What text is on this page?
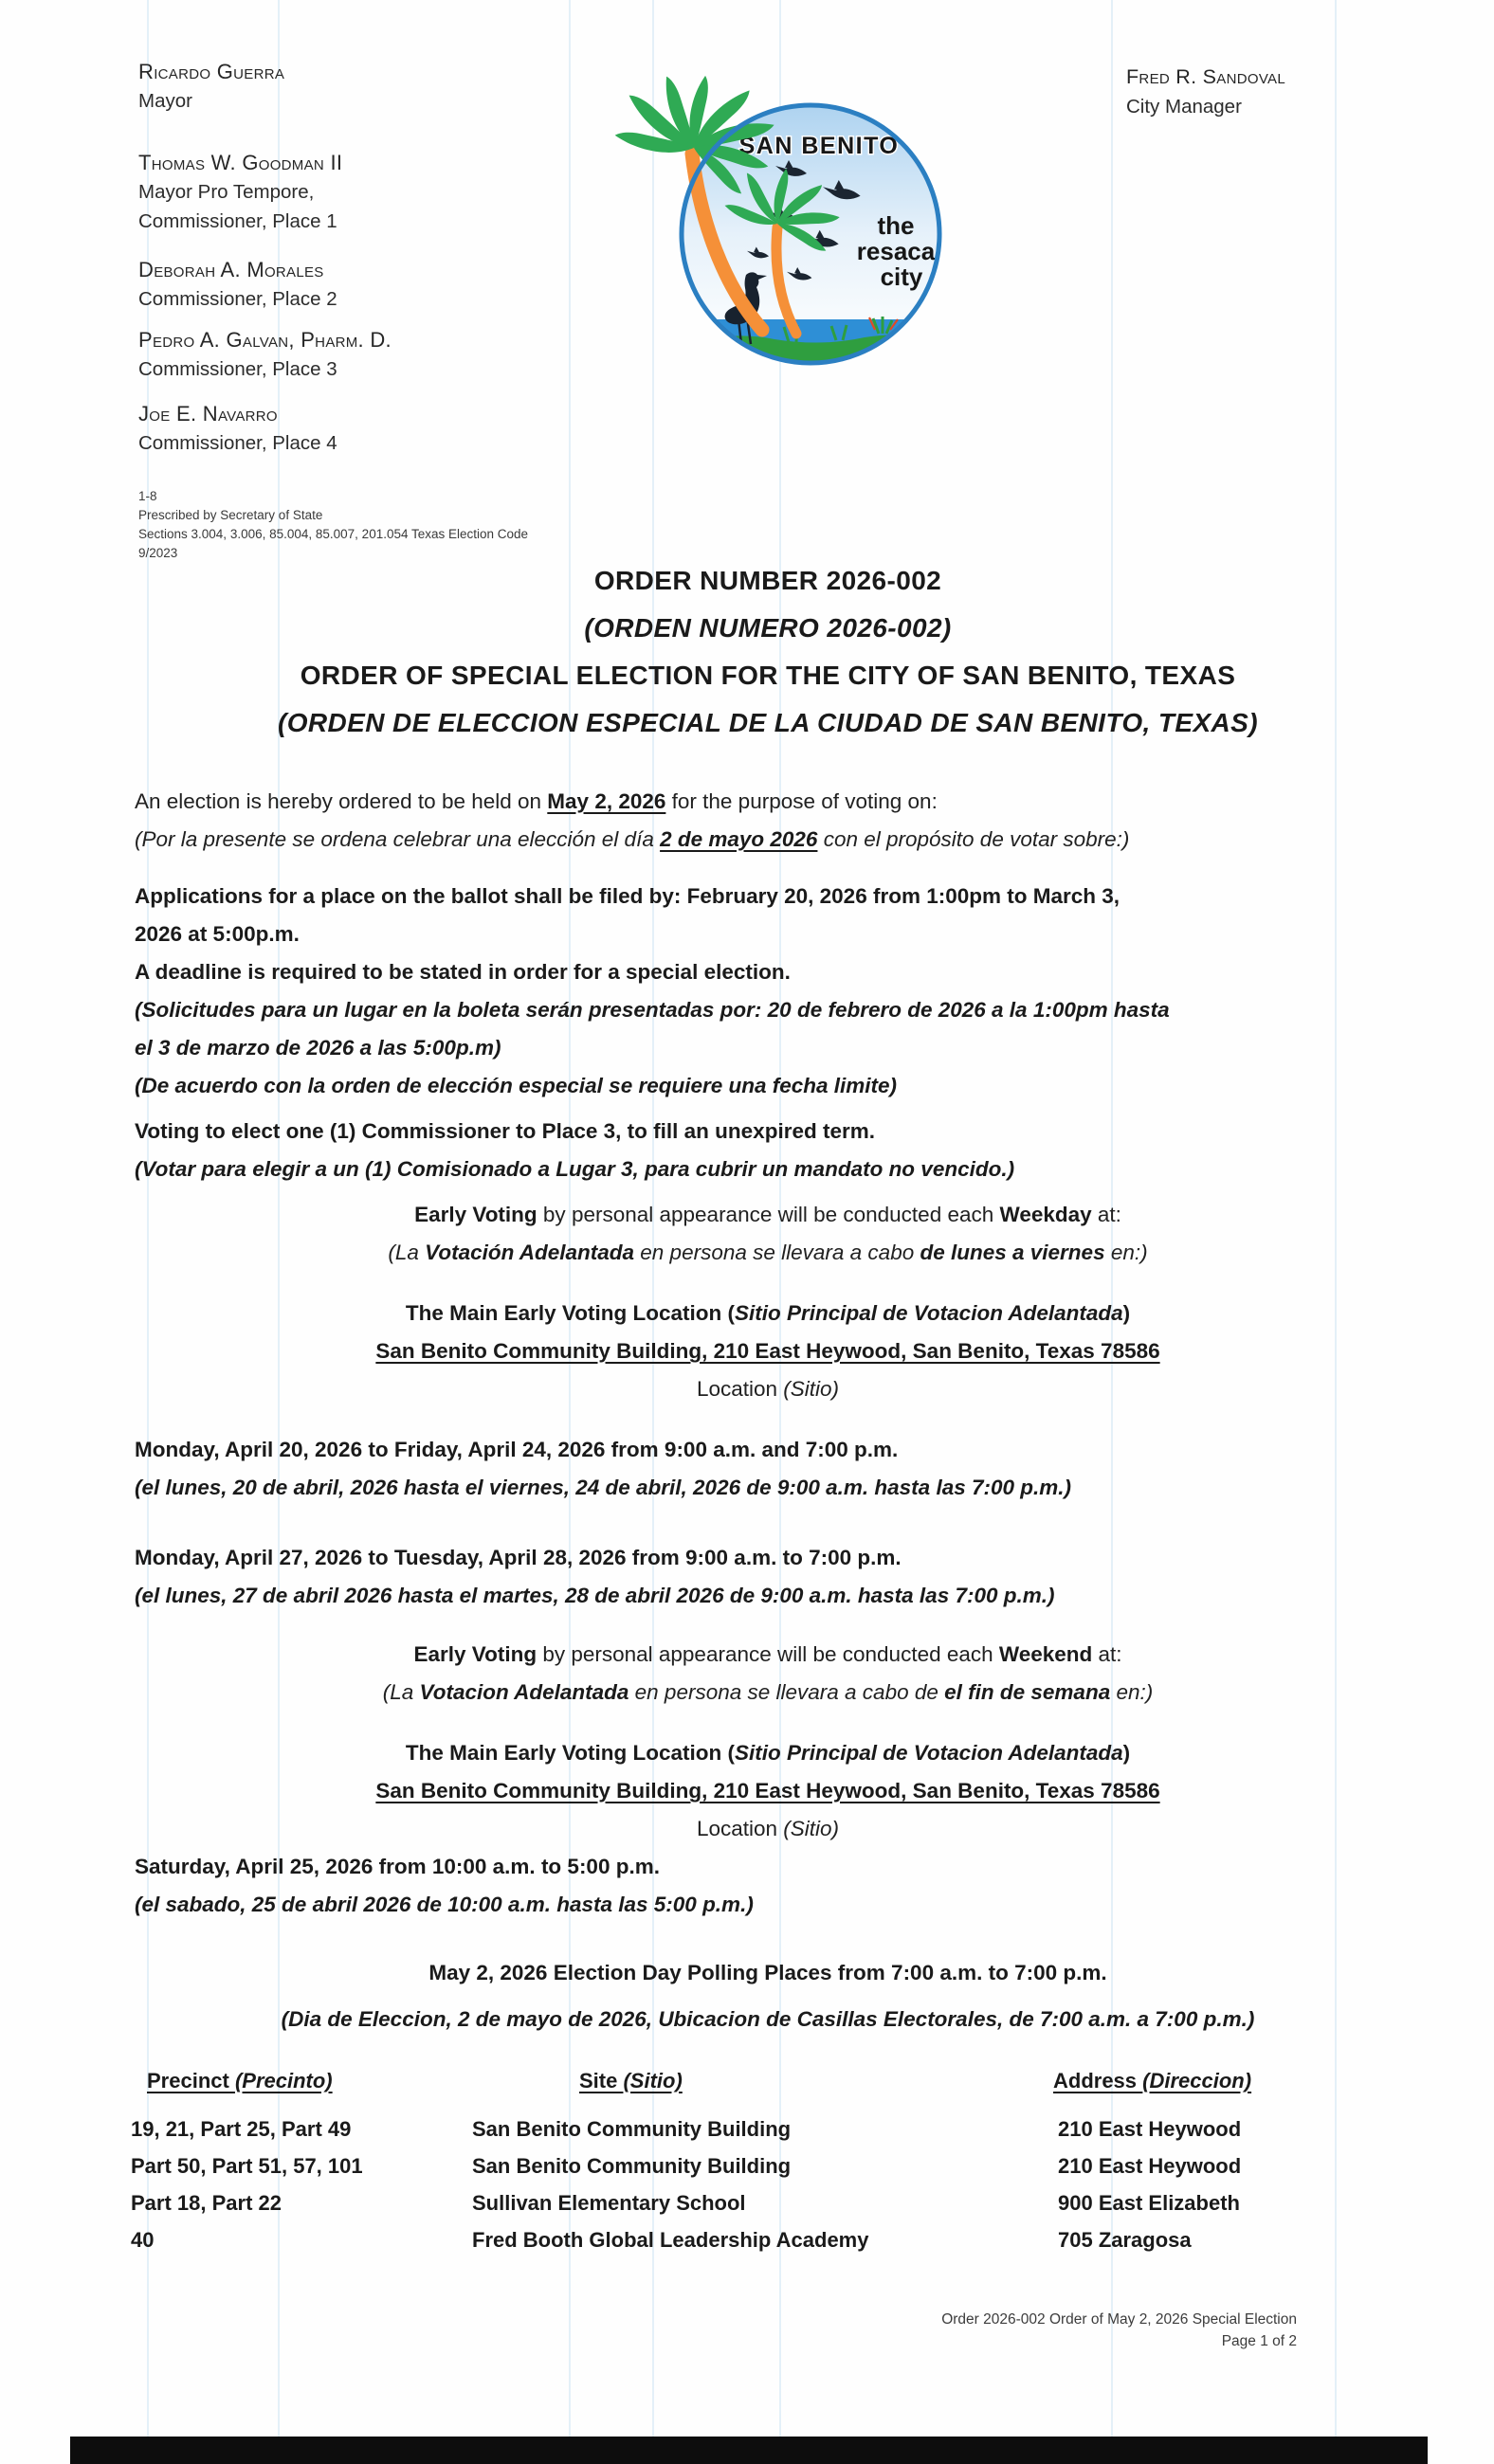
Ricardo Guerra
Mayor
Thomas W. Goodman II
Mayor Pro Tempore,
Commissioner, Place 1
Deborah A. Morales
Commissioner, Place 2
Pedro A. Galvan, Pharm. D.
Commissioner, Place 3
Joe E. Navarro
Commissioner, Place 4
SAN BENITO
the
resaca
city
Fred R. Sandoval
City Manager
1-8
Prescribed by Secretary of State
Sections 3.004, 3.006, 85.004, 85.007, 201.054 Texas Election Code
9/2023
ORDER NUMBER 2026-002
(ORDEN NUMERO 2026-002)
ORDER OF SPECIAL ELECTION FOR THE CITY OF SAN BENITO, TEXAS
(ORDEN DE ELECCION ESPECIAL DE LA CIUDAD DE SAN BENITO, TEXAS)
An election is hereby ordered to be held on May 2, 2026 for the purpose of voting on:
(Por la presente se ordena celebrar una elección el día 2 de mayo 2026 con el propósito de votar sobre:)
Applications for a place on the ballot shall be filed by: February 20, 2026 from 1:00pm to March 3,
2026 at 5:00p.m.
A deadline is required to be stated in order for a special election.
(Solicitudes para un lugar en la boleta serán presentadas por: 20 de febrero de 2026 a la 1:00pm hasta
el 3 de marzo de 2026 a las 5:00p.m)
(De acuerdo con la orden de elección especial se requiere una fecha limite)
Voting to elect one (1) Commissioner to Place 3, to fill an unexpired term.
(Votar para elegir a un (1) Comisionado a Lugar 3, para cubrir un mandato no vencido.)
Early Voting by personal appearance will be conducted each Weekday at:
(La Votación Adelantada en persona se llevara a cabo de lunes a viernes en:)
The Main Early Voting Location (Sitio Principal de Votacion Adelantada)
San Benito Community Building, 210 East Heywood, San Benito, Texas 78586
Location (Sitio)
Monday, April 20, 2026 to Friday, April 24, 2026 from 9:00 a.m. and 7:00 p.m.
(el lunes, 20 de abril, 2026 hasta el viernes, 24 de abril, 2026 de 9:00 a.m. hasta las 7:00 p.m.)
Monday, April 27, 2026 to Tuesday, April 28, 2026 from 9:00 a.m. to 7:00 p.m.
(el lunes, 27 de abril 2026 hasta el martes, 28 de abril 2026 de 9:00 a.m. hasta las 7:00 p.m.)
Early Voting by personal appearance will be conducted each Weekend at:
(La Votacion Adelantada en persona se llevara a cabo de el fin de semana en:)
The Main Early Voting Location (Sitio Principal de Votacion Adelantada)
San Benito Community Building, 210 East Heywood, San Benito, Texas 78586
Location (Sitio)
Saturday, April 25, 2026 from 10:00 a.m. to 5:00 p.m.
(el sabado, 25 de abril 2026 de 10:00 a.m. hasta las 5:00 p.m.)
May 2, 2026 Election Day Polling Places from 7:00 a.m. to 7:00 p.m.
(Dia de Eleccion, 2 de mayo de 2026, Ubicacion de Casillas Electorales, de 7:00 a.m. a 7:00 p.m.)
Precinct (Precinto)	Site (Sitio)	Address (Direccion)
19, 21, Part 25, Part 49	San Benito Community Building	210 East Heywood
Part 50, Part 51, 57, 101	San Benito Community Building	210 East Heywood
Part 18, Part 22	Sullivan Elementary School	900 East Elizabeth
40	Fred Booth Global Leadership Academy	705 Zaragosa
Order 2026-002 Order of May 2, 2026 Special Election
Page 1 of 2
